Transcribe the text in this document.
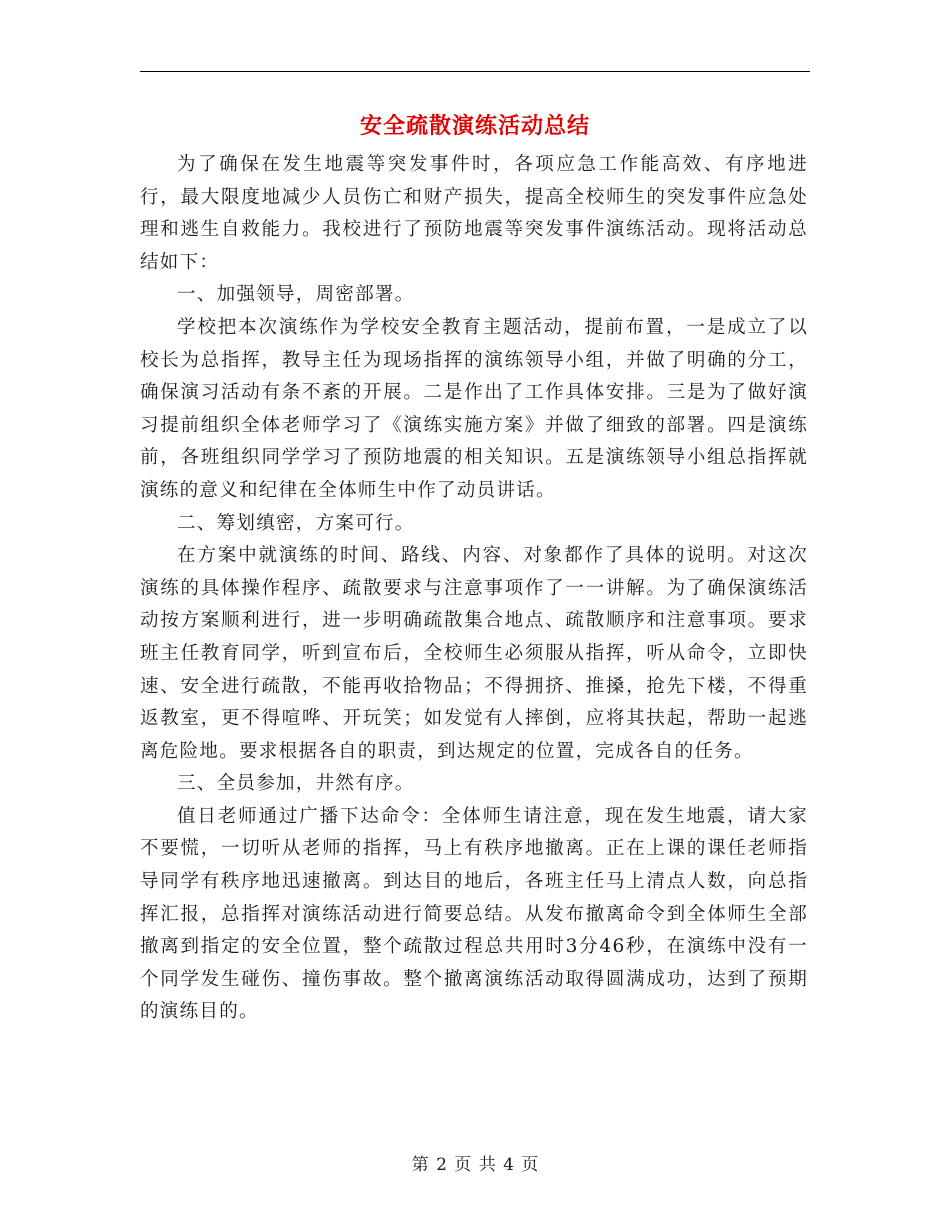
安全疏散演练活动总结

为了确保在发生地震等突发事件时，各项应急工作能高效、有序地进行，最大限度地减少人员伤亡和财产损失，提高全校师生的突发事件应急处理和逃生自救能力。我校进行了预防地震等突发事件演练活动。现将活动总结如下：

一、加强领导，周密部署。

学校把本次演练作为学校安全教育主题活动，提前布置，一是成立了以校长为总指挥，教导主任为现场指挥的演练领导小组，并做了明确的分工，确保演习活动有条不紊的开展。二是作出了工作具体安排。三是为了做好演习提前组织全体老师学习了《演练实施方案》并做了细致的部署。四是演练前，各班组织同学学习了预防地震的相关知识。五是演练领导小组总指挥就演练的意义和纪律在全体师生中作了动员讲话。

二、筹划缜密，方案可行。

在方案中就演练的时间、路线、内容、对象都作了具体的说明。对这次演练的具体操作程序、疏散要求与注意事项作了一一讲解。为了确保演练活动按方案顺利进行，进一步明确疏散集合地点、疏散顺序和注意事项。要求班主任教育同学，听到宣布后，全校师生必须服从指挥，听从命令，立即快速、安全进行疏散，不能再收拾物品；不得拥挤、推搡，抢先下楼，不得重返教室，更不得喧哗、开玩笑；如发觉有人摔倒，应将其扶起，帮助一起逃离危险地。要求根据各自的职责，到达规定的位置，完成各自的任务。

三、全员参加，井然有序。

值日老师通过广播下达命令：全体师生请注意，现在发生地震，请大家不要慌，一切听从老师的指挥，马上有秩序地撤离。正在上课的课任老师指导同学有秩序地迅速撤离。到达目的地后，各班主任马上清点人数，向总指挥汇报，总指挥对演练活动进行简要总结。从发布撤离命令到全体师生全部撤离到指定的安全位置，整个疏散过程总共用时3分46秒，在演练中没有一个同学发生碰伤、撞伤事故。整个撤离演练活动取得圆满成功，达到了预期的演练目的。

第 2 页 共 4 页
